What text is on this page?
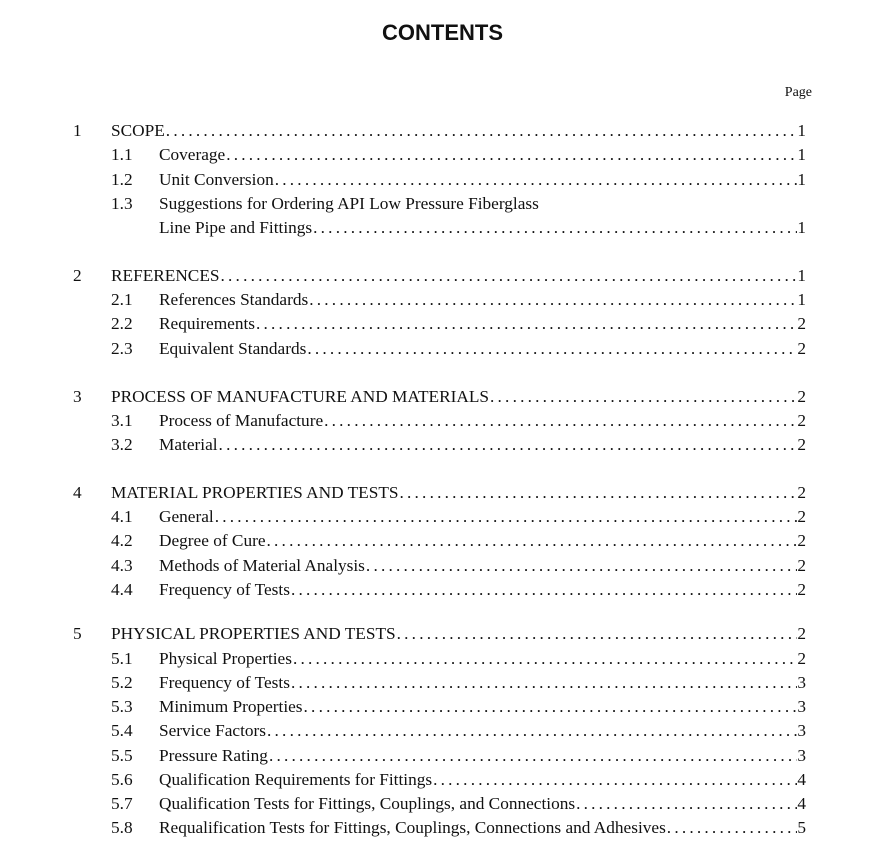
CONTENTS
Page
1 SCOPE .....	1
1.1 Coverage .....	1
1.2 Unit Conversion .....	1
1.3 Suggestions for Ordering API Low Pressure Fiberglass
Line Pipe and Fittings .....	1
2 REFERENCES .....	1
2.1 References Standards .....	1
2.2 Requirements .....	2
2.3 Equivalent Standards .....	2
3 PROCESS OF MANUFACTURE AND MATERIALS .....	2
3.1 Process of Manufacture .....	2
3.2 Material .....	2
4 MATERIAL PROPERTIES AND TESTS .....	2
4.1 General .....	2
4.2 Degree of Cure .....	2
4.3 Methods of Material Analysis .....	2
4.4 Frequency of Tests .....	2
5 PHYSICAL PROPERTIES AND TESTS .....	2
5.1 Physical Properties .....	2
5.2 Frequency of Tests .....	3
5.3 Minimum Properties .....	3
5.4 Service Factors .....	3
5.5 Pressure Rating .....	3
5.6 Qualification Requirements for Fittings .....	4
5.7 Qualification Tests for Fittings, Couplings, and Connections .....	4
5.8 Requalification Tests for Fittings, Couplings, Connections and Adhesives .....	5
